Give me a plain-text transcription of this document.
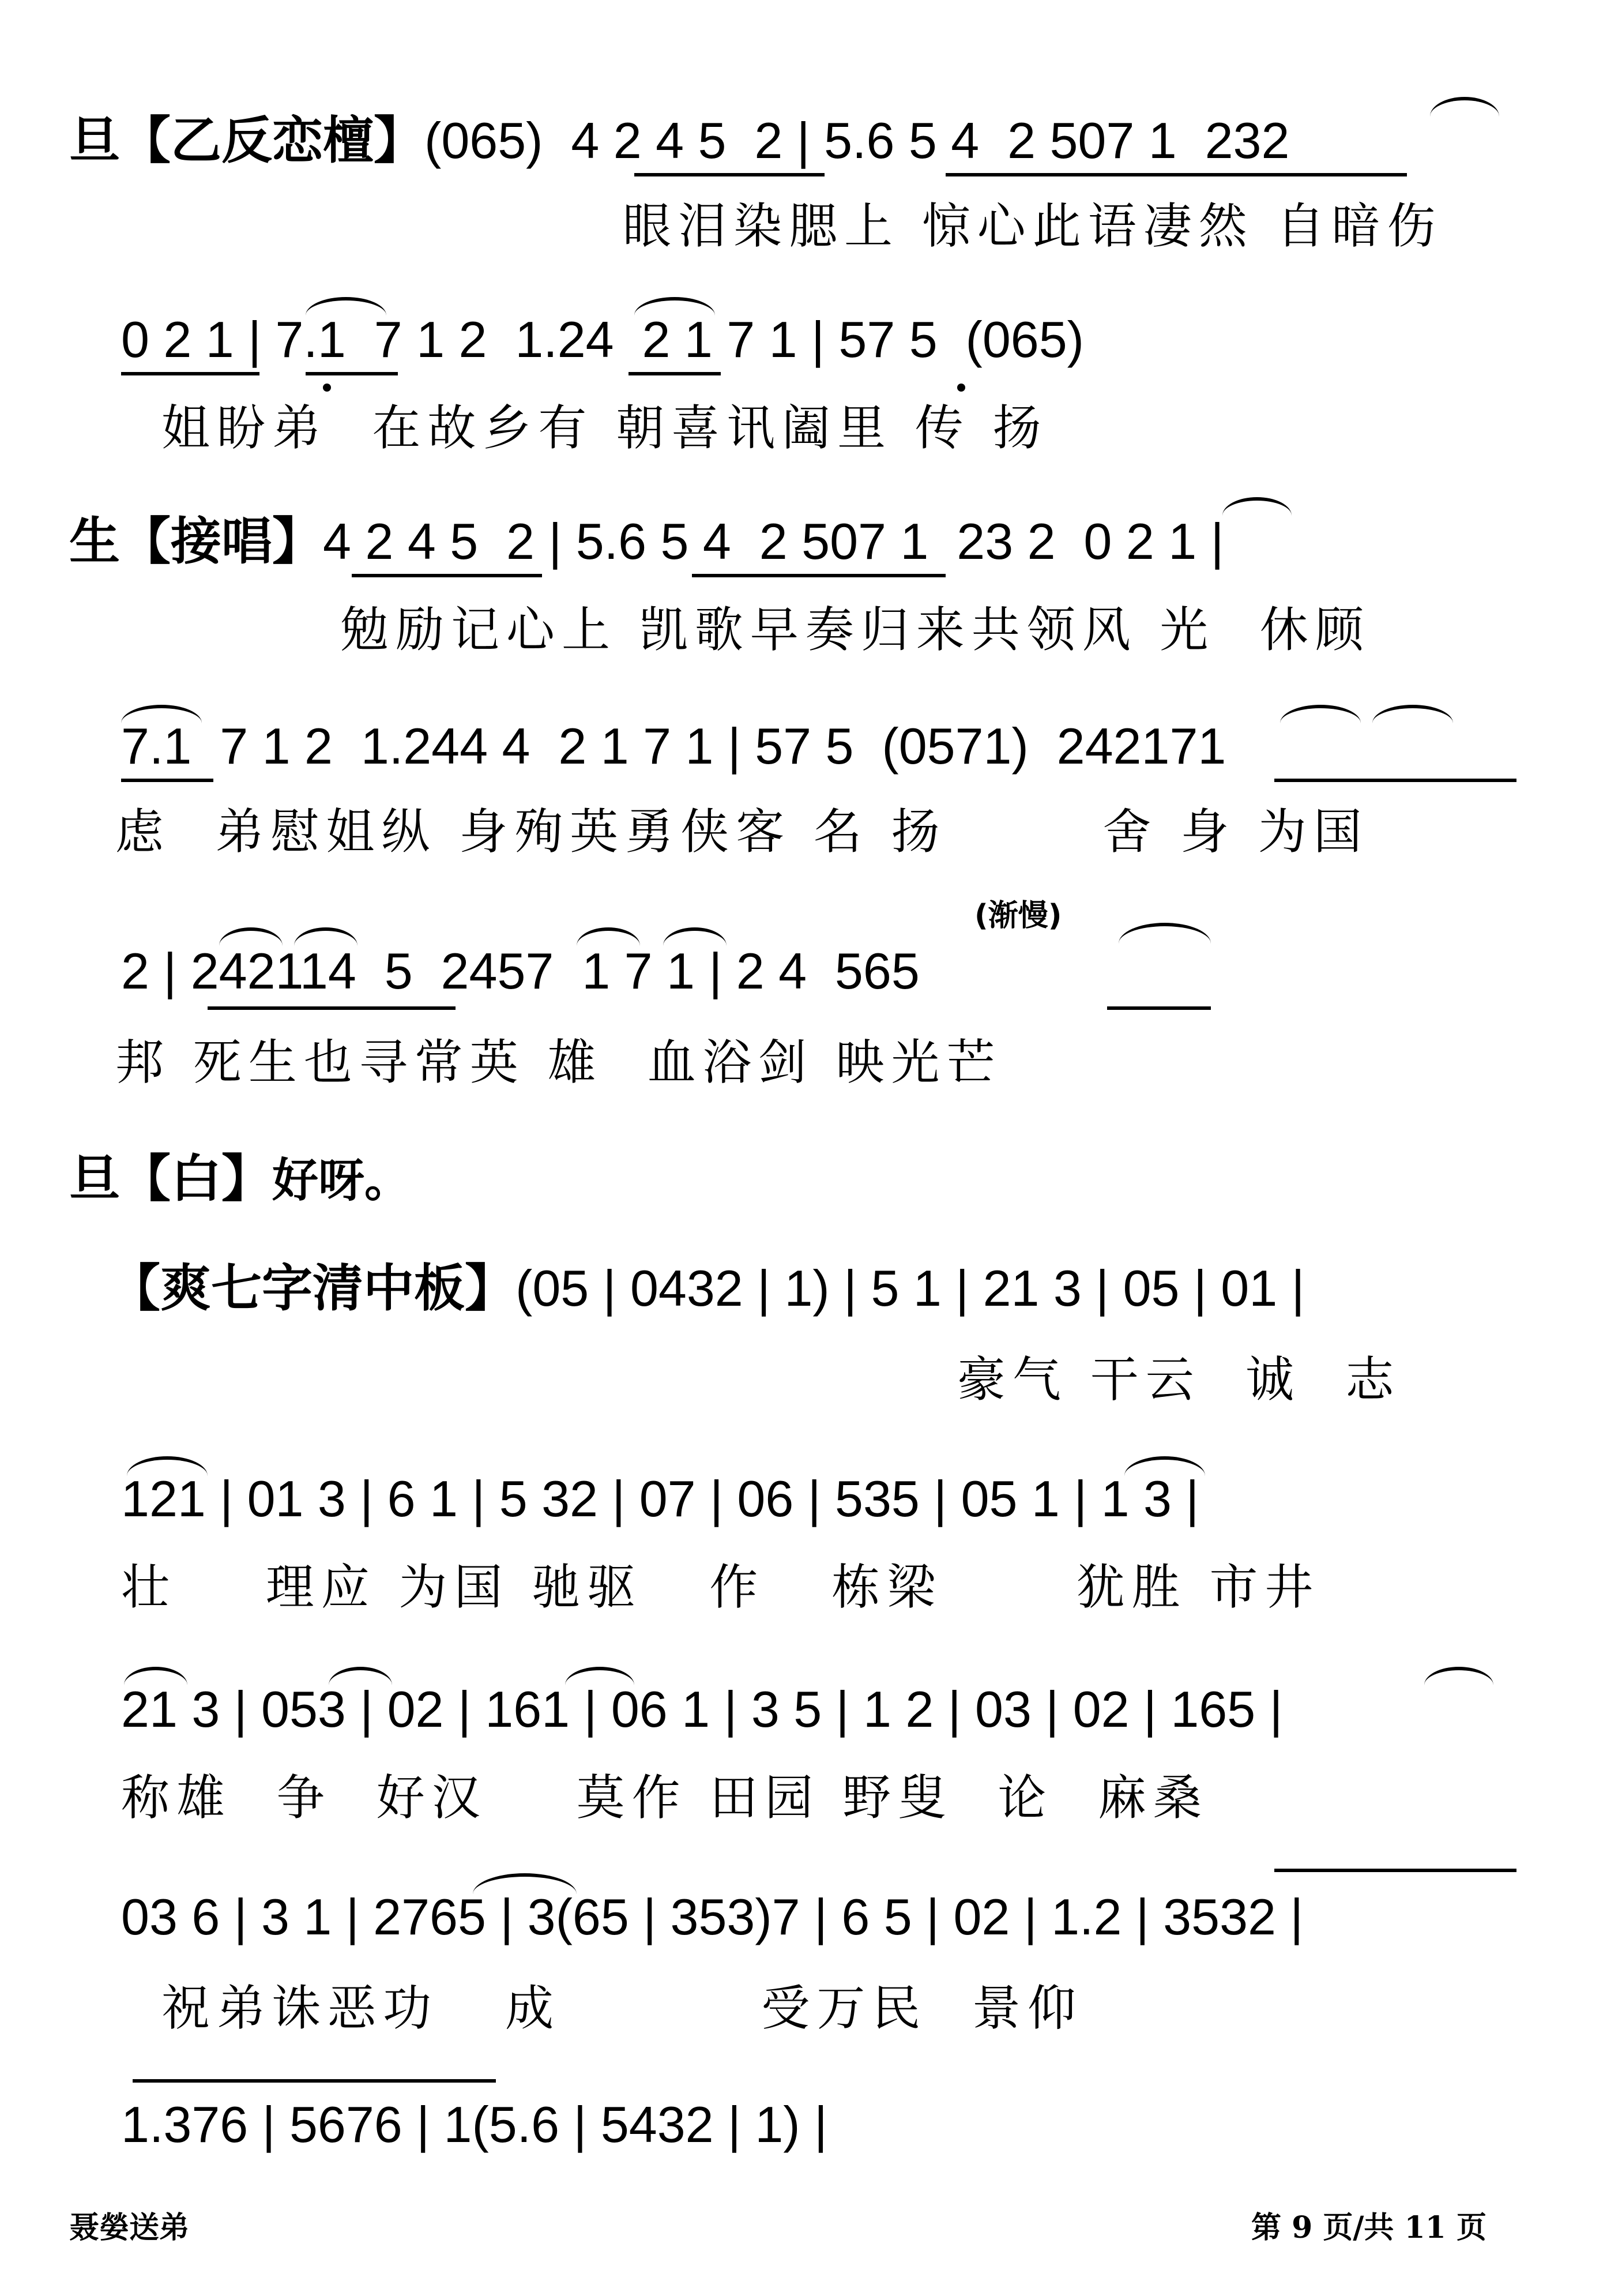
旦【乙反恋檀】(065)  4 2 4 5  2 | 5.6 5 4  2 507 1  232
眼泪染腮上 惊心此语凄然 自暗伤
0 2 1 | 7.1  7 1 2  1.24  2 1 7 1 | 57 5  (065)
姐盼弟  在故乡有 朝喜讯阖里 传 扬
生【接唱】4 2 4 5  2 | 5.6 5 4  2 507 1  23 2  0 2 1 |
勉励记心上 凯歌早奏归来共领风 光  休顾
7.1  7 1 2  1.244 4  2 1 7 1 | 57 5  (0571)  242171
虑  弟慰姐纵 身殉英勇侠客 名 扬       舍 身 为国
(渐慢)
2 | 242114  5  2457  1 7 1 | 2 4  565
邦 死生也寻常英 雄  血浴剑 映光芒
旦【白】好呀。
【爽七字清中板】(05 | 0432 | 1) | 5 1 | 21 3 | 05 | 01 |
豪气 干云  诚  志
121 | 01 3 | 6 1 | 5 32 | 07 | 06 | 535 | 05 1 | 1 3 |
壮    理应 为国 驰驱   作   栋梁      犹胜 市井
21 3 | 053 | 02 | 161 | 06 1 | 3 5 | 1 2 | 03 | 02 | 165 |
称雄  争  好汉    莫作 田园 野叟  论  麻桑
03 6 | 3 1 | 2765 | 3(65 | 353)7 | 6 5 | 02 | 1.2 | 3532 |
祝弟诛恶功   成         受万民  景仰
1.376 | 5676 | 1(5.6 | 5432 | 1) |
聂嫈送弟	第 9 页/共 11 页
